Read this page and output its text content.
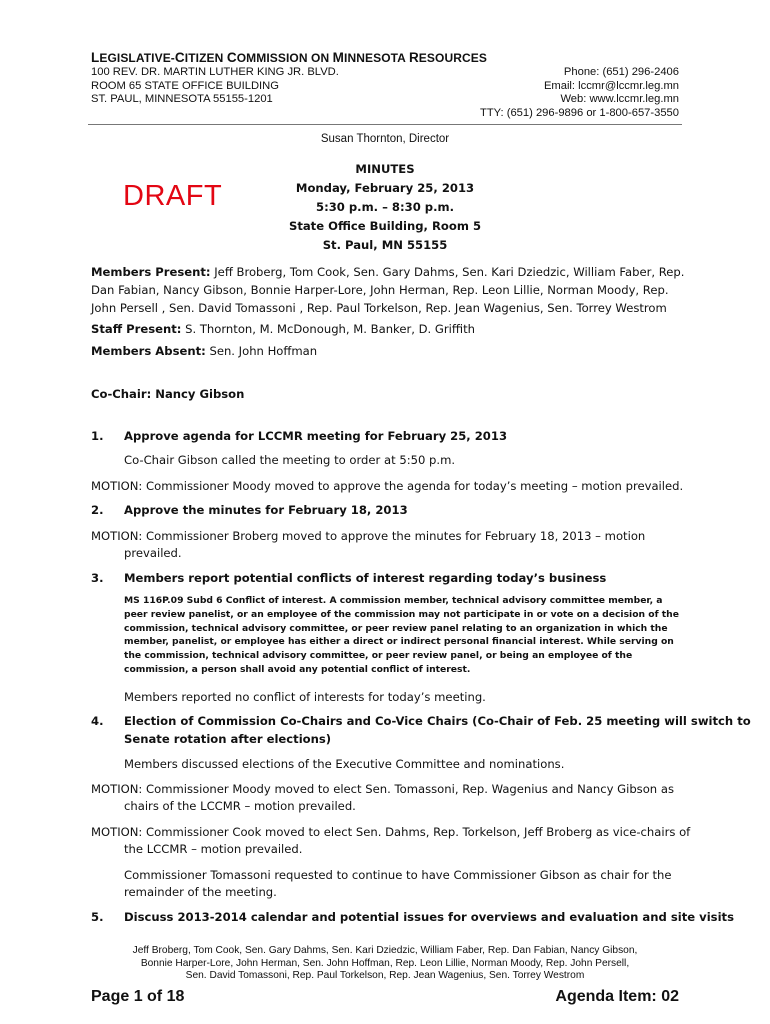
LEGISLATIVE-CITIZEN COMMISSION ON MINNESOTA RESOURCES
100 REV. DR. MARTIN LUTHER KING JR. BLVD.
ROOM 65 STATE OFFICE BUILDING
ST. PAUL, MINNESOTA 55155-1201
Phone: (651) 296-2406
Email: lccmr@lccmr.leg.mn
Web: www.lccmr.leg.mn
TTY: (651) 296-9896 or 1-800-657-3550
Susan Thornton, Director
DRAFT
MINUTES
Monday, February 25, 2013
5:30 p.m. – 8:30 p.m.
State Office Building, Room 5
St. Paul, MN 55155
Members Present: Jeff Broberg, Tom Cook, Sen. Gary Dahms, Sen. Kari Dziedzic, William Faber, Rep.
Dan Fabian, Nancy Gibson, Bonnie Harper-Lore, John Herman, Rep. Leon Lillie, Norman Moody, Rep.
John Persell , Sen. David Tomassoni , Rep. Paul Torkelson, Rep. Jean Wagenius, Sen. Torrey Westrom
Staff Present: S. Thornton, M. McDonough, M. Banker, D. Griffith
Members Absent: Sen. John Hoffman
Co-Chair: Nancy Gibson
1. Approve agenda for LCCMR meeting for February 25, 2013
Co-Chair Gibson called the meeting to order at 5:50 p.m.
MOTION: Commissioner Moody moved to approve the agenda for today’s meeting – motion prevailed.
2. Approve the minutes for February 18, 2013
MOTION: Commissioner Broberg moved to approve the minutes for February 18, 2013 – motion
prevailed.
3. Members report potential conflicts of interest regarding today’s business
MS 116P.09 Subd 6 Conflict of interest. A commission member, technical advisory committee member, a
peer review panelist, or an employee of the commission may not participate in or vote on a decision of the
commission, technical advisory committee, or peer review panel relating to an organization in which the
member, panelist, or employee has either a direct or indirect personal financial interest. While serving on
the commission, technical advisory committee, or peer review panel, or being an employee of the
commission, a person shall avoid any potential conflict of interest.
Members reported no conflict of interests for today’s meeting.
4. Election of Commission Co-Chairs and Co-Vice Chairs (Co-Chair of Feb. 25 meeting will switch to
Senate rotation after elections)
Members discussed elections of the Executive Committee and nominations.
MOTION: Commissioner Moody moved to elect Sen. Tomassoni, Rep. Wagenius and Nancy Gibson as
chairs of the LCCMR – motion prevailed.
MOTION: Commissioner Cook moved to elect Sen. Dahms, Rep. Torkelson, Jeff Broberg as vice-chairs of
the LCCMR – motion prevailed.
Commissioner Tomassoni requested to continue to have Commissioner Gibson as chair for the
remainder of the meeting.
5. Discuss 2013-2014 calendar and potential issues for overviews and evaluation and site visits
Jeff Broberg, Tom Cook, Sen. Gary Dahms, Sen. Kari Dziedzic, William Faber, Rep. Dan Fabian, Nancy Gibson,
Bonnie Harper-Lore, John Herman, Sen. John Hoffman, Rep. Leon Lillie, Norman Moody, Rep. John Persell,
Sen. David Tomassoni, Rep. Paul Torkelson, Rep. Jean Wagenius, Sen. Torrey Westrom
Page 1 of 18	Agenda Item: 02
